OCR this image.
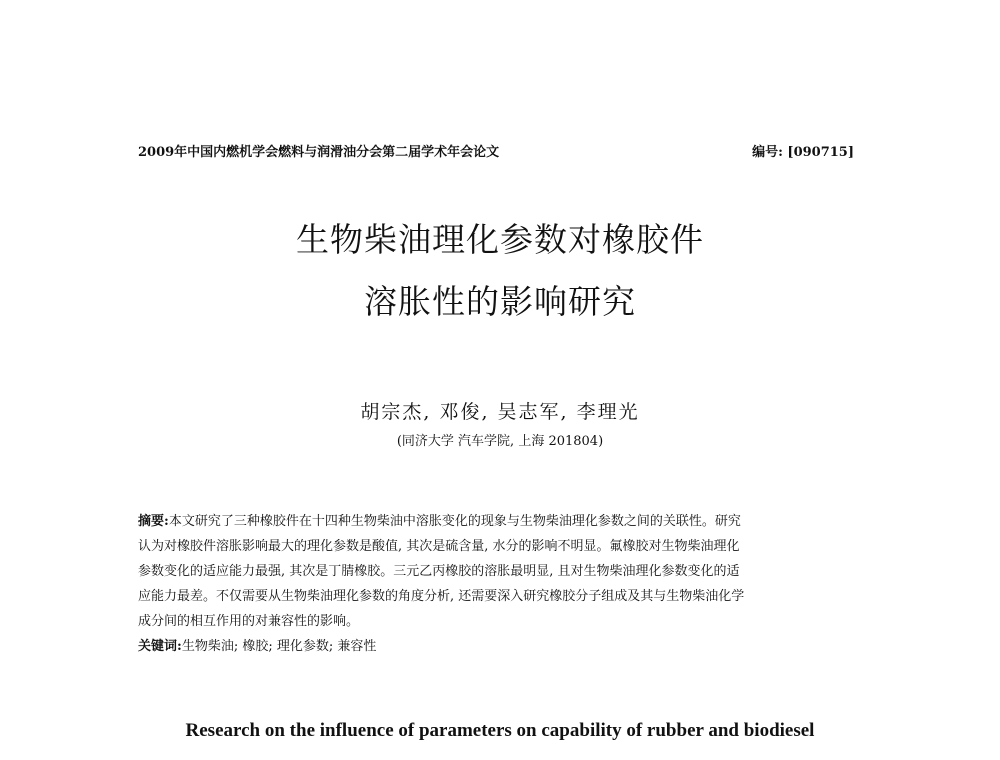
2009年中国内燃机学会燃料与润滑油分会第二届学术年会论文	编号: [090715]
生物柴油理化参数对橡胶件
溶胀性的影响研究
胡宗杰, 邓俊, 吴志军, 李理光
(同济大学 汽车学院, 上海 201804)
摘要:本文研究了三种橡胶件在十四种生物柴油中溶胀变化的现象与生物柴油理化参数之间的关联性。研究
认为对橡胶件溶胀影响最大的理化参数是酸值, 其次是硫含量, 水分的影响不明显。氟橡胶对生物柴油理化
参数变化的适应能力最强, 其次是丁腈橡胶。三元乙丙橡胶的溶胀最明显, 且对生物柴油理化参数变化的适
应能力最差。不仅需要从生物柴油理化参数的角度分析, 还需要深入研究橡胶分子组成及其与生物柴油化学
成分间的相互作用的对兼容性的影响。
关键词:生物柴油; 橡胶; 理化参数; 兼容性
Research on the influence of parameters on capability of rubber and biodiesel
